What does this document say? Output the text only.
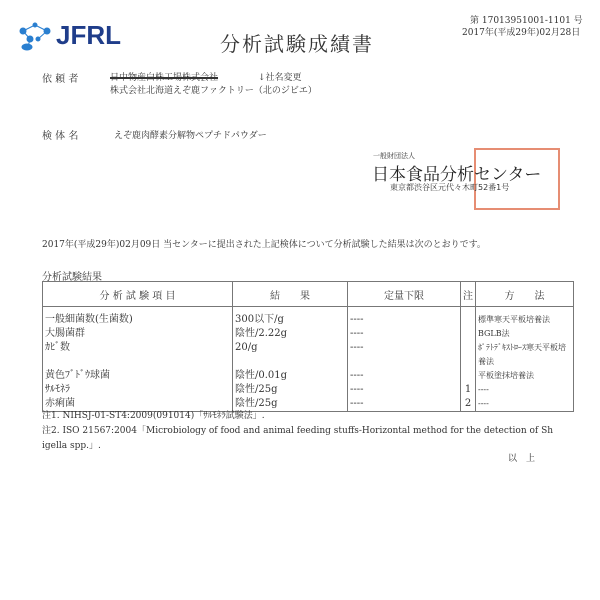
JFRL	分析試験成績書
第 17013951001-1101 号
2017年(平成29年)02月28日
依 頼 者	日中物産白株工場株式会社	↓社名変更
株式会社北海道えぞ鹿ファクトリー（北のジビエ）
検 体 名	えぞ鹿肉酵素分解物ペプチドパウダー
一般財団法人
日本食品分析センター
東京都渋谷区元代々木町52番1号
2017年(平成29年)02月09日 当センターに提出された上記検体について分析試験した結果は次のとおりです。
分析試験結果
分 析 試 験 項 目	結　　果	定量下限	注	方　　法
一般細菌数(生菌数)	300以下/g	----		標準寒天平板培養法
大腸菌群	陰性/2.22g	----		BGLB法
ｶﾋﾞ数	20/g	----		ﾎﾟﾃﾄﾃﾞｷｽﾄﾛｰｽ寒天平板培養法
黄色ﾌﾞﾄﾞｳ球菌	陰性/0.01g	----		平板塗抹培養法
ｻﾙﾓﾈﾗ	陰性/25g	----	1	----
赤痢菌	陰性/25g	----	2	----
注1. NIHSJ-01-ST4:2009(091014)「ｻﾙﾓﾈﾗ試験法」.
注2. ISO 21567:2004「Microbiology of food and animal feeding stuffs-Horizontal method for the detection of Sh
igella spp.」.
以　上
